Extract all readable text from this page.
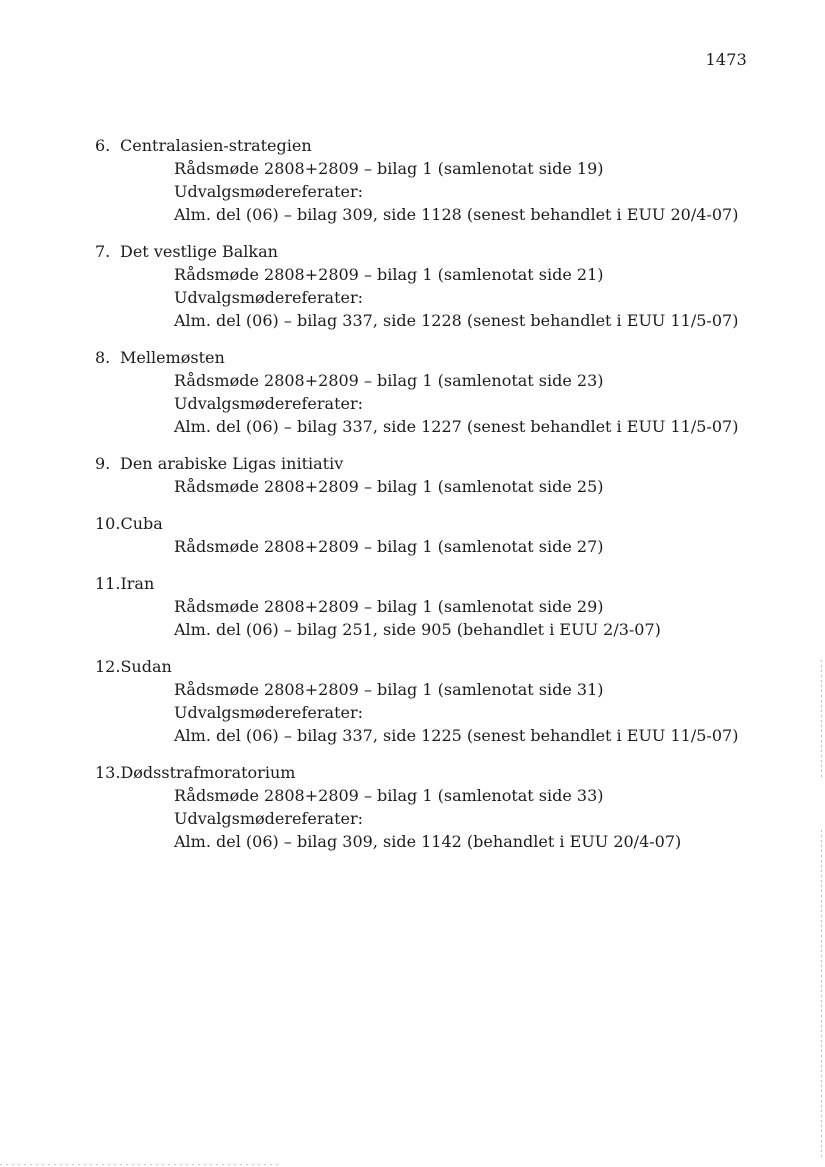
1473
6. Centralasien-strategien
Rådsmøde 2808+2809 – bilag 1 (samlenotat side 19)
Udvalgsmødereferater:
Alm. del (06) – bilag 309, side 1128 (senest behandlet i EUU 20/4-07)
7. Det vestlige Balkan
Rådsmøde 2808+2809 – bilag 1 (samlenotat side 21)
Udvalgsmødereferater:
Alm. del (06) – bilag 337, side 1228 (senest behandlet i EUU 11/5-07)
8. Mellemøsten
Rådsmøde 2808+2809 – bilag 1 (samlenotat side 23)
Udvalgsmødereferater:
Alm. del (06) – bilag 337, side 1227 (senest behandlet i EUU 11/5-07)
9. Den arabiske Ligas initiativ
Rådsmøde 2808+2809 – bilag 1 (samlenotat side 25)
10. Cuba
Rådsmøde 2808+2809 – bilag 1 (samlenotat side 27)
11. Iran
Rådsmøde 2808+2809 – bilag 1 (samlenotat side 29)
Alm. del (06) – bilag 251, side 905 (behandlet i EUU 2/3-07)
12. Sudan
Rådsmøde 2808+2809 – bilag 1 (samlenotat side 31)
Udvalgsmødereferater:
Alm. del (06) – bilag 337, side 1225 (senest behandlet i EUU 11/5-07)
13. Dødsstrafmoratorium
Rådsmøde 2808+2809 – bilag 1 (samlenotat side 33)
Udvalgsmødereferater:
Alm. del (06) – bilag 309, side 1142 (behandlet i EUU 20/4-07)
